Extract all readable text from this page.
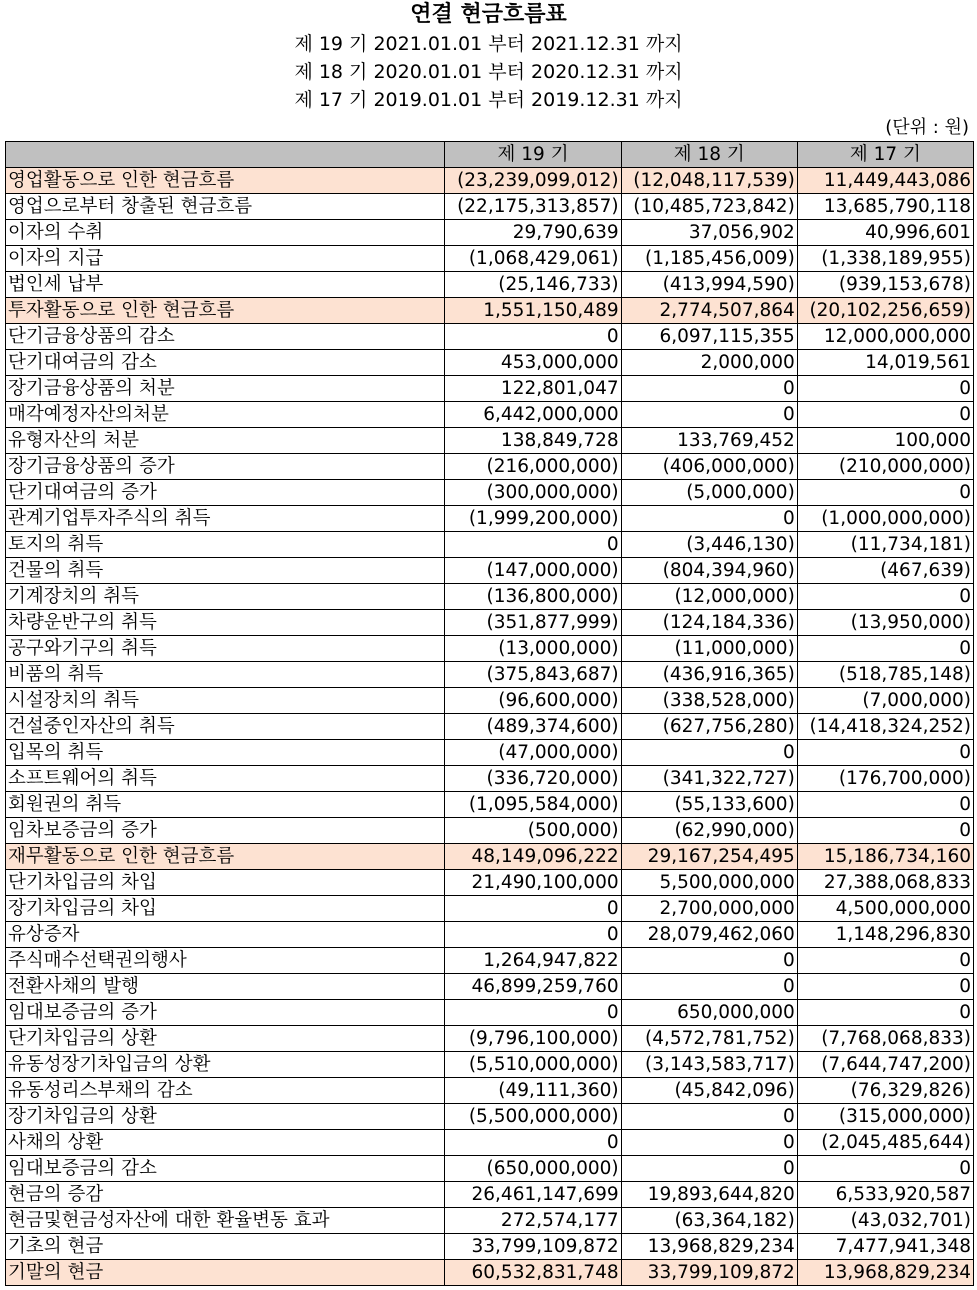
연결 현금흐름표
제 19 기 2021.01.01 부터 2021.12.31 까지
제 18 기 2020.01.01 부터 2020.12.31 까지
제 17 기 2019.01.01 부터 2019.12.31 까지
(단위 : 원)
	제 19 기	제 18 기	제 17 기
영업활동으로 인한 현금흐름	(23,239,099,012)	(12,048,117,539)	11,449,443,086
영업으로부터 창출된 현금흐름	(22,175,313,857)	(10,485,723,842)	13,685,790,118
이자의 수취	29,790,639	37,056,902	40,996,601
이자의 지급	(1,068,429,061)	(1,185,456,009)	(1,338,189,955)
법인세 납부	(25,146,733)	(413,994,590)	(939,153,678)
투자활동으로 인한 현금흐름	1,551,150,489	2,774,507,864	(20,102,256,659)
단기금융상품의 감소	0	6,097,115,355	12,000,000,000
단기대여금의 감소	453,000,000	2,000,000	14,019,561
장기금융상품의 처분	122,801,047	0	0
매각예정자산의처분	6,442,000,000	0	0
유형자산의 처분	138,849,728	133,769,452	100,000
장기금융상품의 증가	(216,000,000)	(406,000,000)	(210,000,000)
단기대여금의 증가	(300,000,000)	(5,000,000)	0
관계기업투자주식의 취득	(1,999,200,000)	0	(1,000,000,000)
토지의 취득	0	(3,446,130)	(11,734,181)
건물의 취득	(147,000,000)	(804,394,960)	(467,639)
기계장치의 취득	(136,800,000)	(12,000,000)	0
차량운반구의 취득	(351,877,999)	(124,184,336)	(13,950,000)
공구와기구의 취득	(13,000,000)	(11,000,000)	0
비품의 취득	(375,843,687)	(436,916,365)	(518,785,148)
시설장치의 취득	(96,600,000)	(338,528,000)	(7,000,000)
건설중인자산의 취득	(489,374,600)	(627,756,280)	(14,418,324,252)
입목의 취득	(47,000,000)	0	0
소프트웨어의 취득	(336,720,000)	(341,322,727)	(176,700,000)
회원권의 취득	(1,095,584,000)	(55,133,600)	0
임차보증금의 증가	(500,000)	(62,990,000)	0
재무활동으로 인한 현금흐름	48,149,096,222	29,167,254,495	15,186,734,160
단기차입금의 차입	21,490,100,000	5,500,000,000	27,388,068,833
장기차입금의 차입	0	2,700,000,000	4,500,000,000
유상증자	0	28,079,462,060	1,148,296,830
주식매수선택권의행사	1,264,947,822	0	0
전환사채의 발행	46,899,259,760	0	0
임대보증금의 증가	0	650,000,000	0
단기차입금의 상환	(9,796,100,000)	(4,572,781,752)	(7,768,068,833)
유동성장기차입금의 상환	(5,510,000,000)	(3,143,583,717)	(7,644,747,200)
유동성리스부채의 감소	(49,111,360)	(45,842,096)	(76,329,826)
장기차입금의 상환	(5,500,000,000)	0	(315,000,000)
사채의 상환	0	0	(2,045,485,644)
임대보증금의 감소	(650,000,000)	0	0
현금의 증감	26,461,147,699	19,893,644,820	6,533,920,587
현금및현금성자산에 대한 환율변동 효과	272,574,177	(63,364,182)	(43,032,701)
기초의 현금	33,799,109,872	13,968,829,234	7,477,941,348
기말의 현금	60,532,831,748	33,799,109,872	13,968,829,234
